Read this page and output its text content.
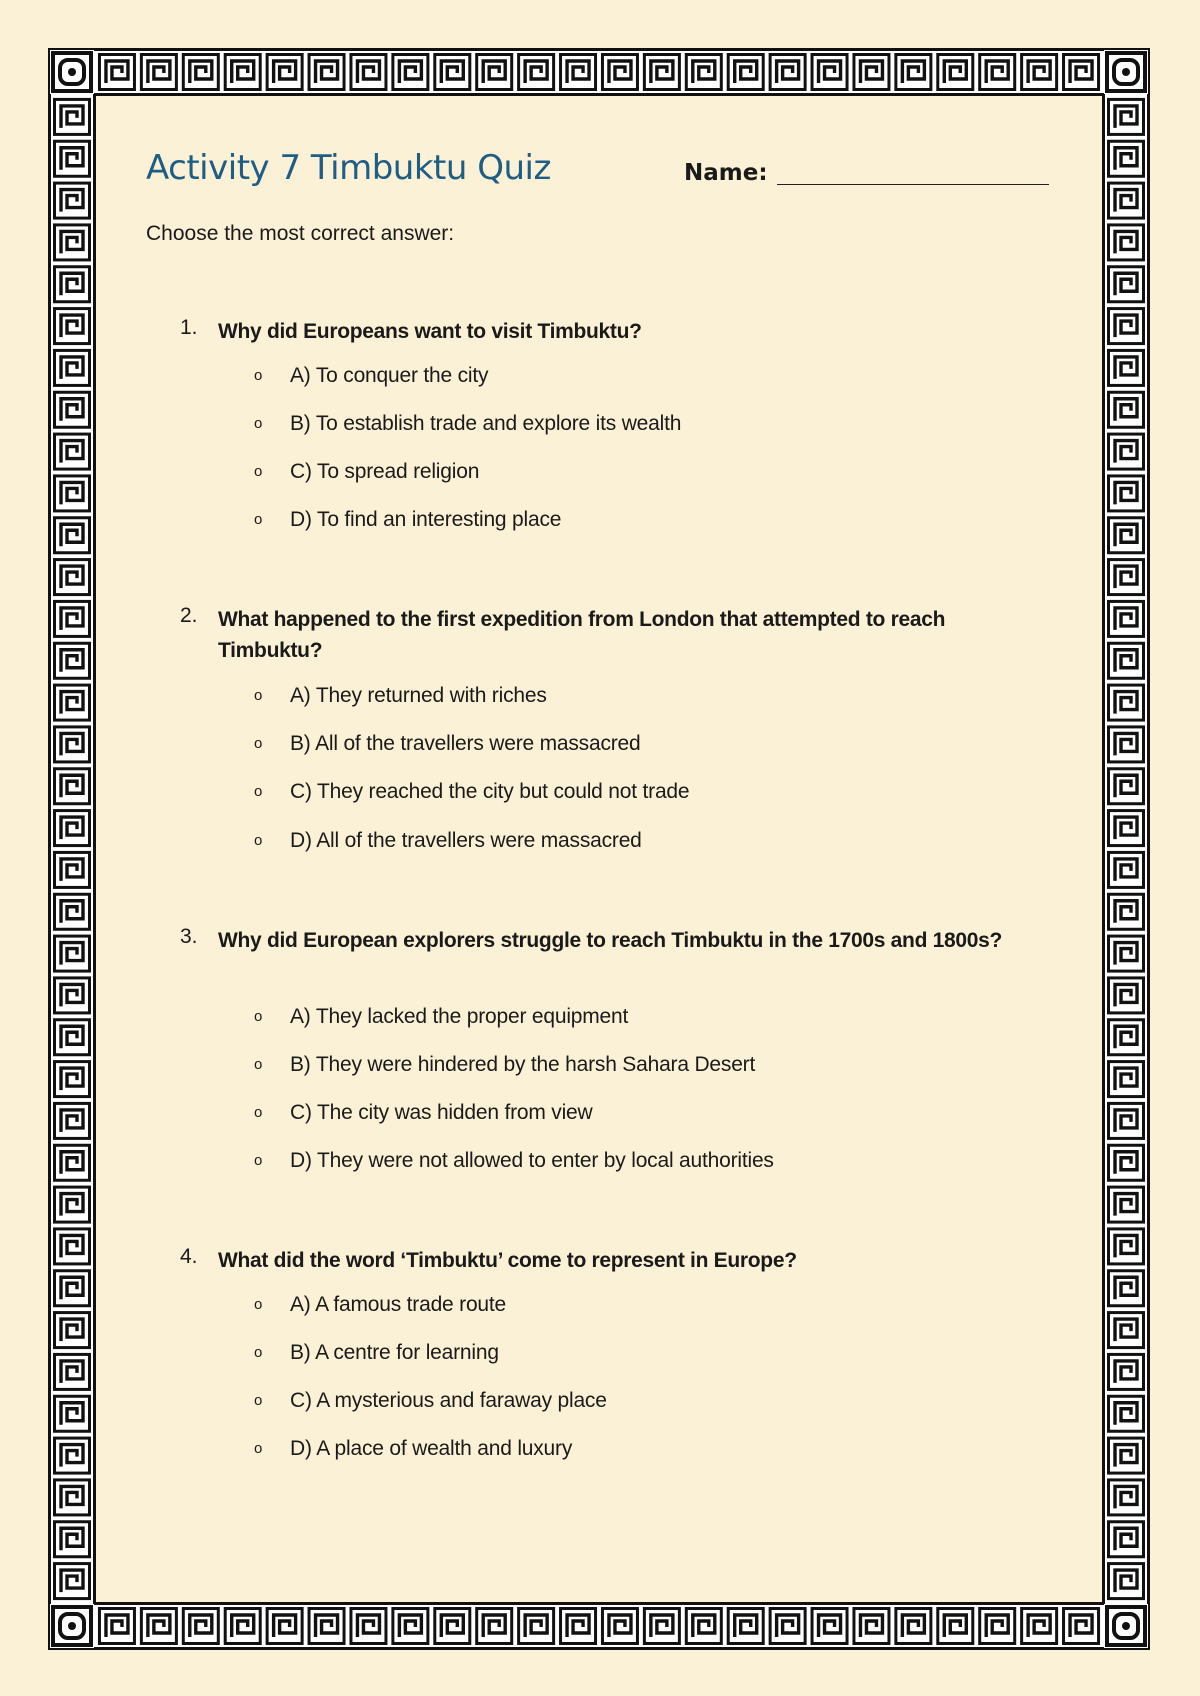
Activity 7 Timbuktu Quiz	Name:
Choose the most correct answer:
1. Why did Europeans want to visit Timbuktu?
o A) To conquer the city
o B) To establish trade and explore its wealth
o C) To spread religion
o D) To find an interesting place
2. What happened to the first expedition from London that attempted to reach Timbuktu?
o A) They returned with riches
o B) All of the travellers were massacred
o C) They reached the city but could not trade
o D) All of the travellers were massacred
3. Why did European explorers struggle to reach Timbuktu in the 1700s and 1800s?
o A) They lacked the proper equipment
o B) They were hindered by the harsh Sahara Desert
o C) The city was hidden from view
o D) They were not allowed to enter by local authorities
4. What did the word ‘Timbuktu’ come to represent in Europe?
o A) A famous trade route
o B) A centre for learning
o C) A mysterious and faraway place
o D) A place of wealth and luxury
